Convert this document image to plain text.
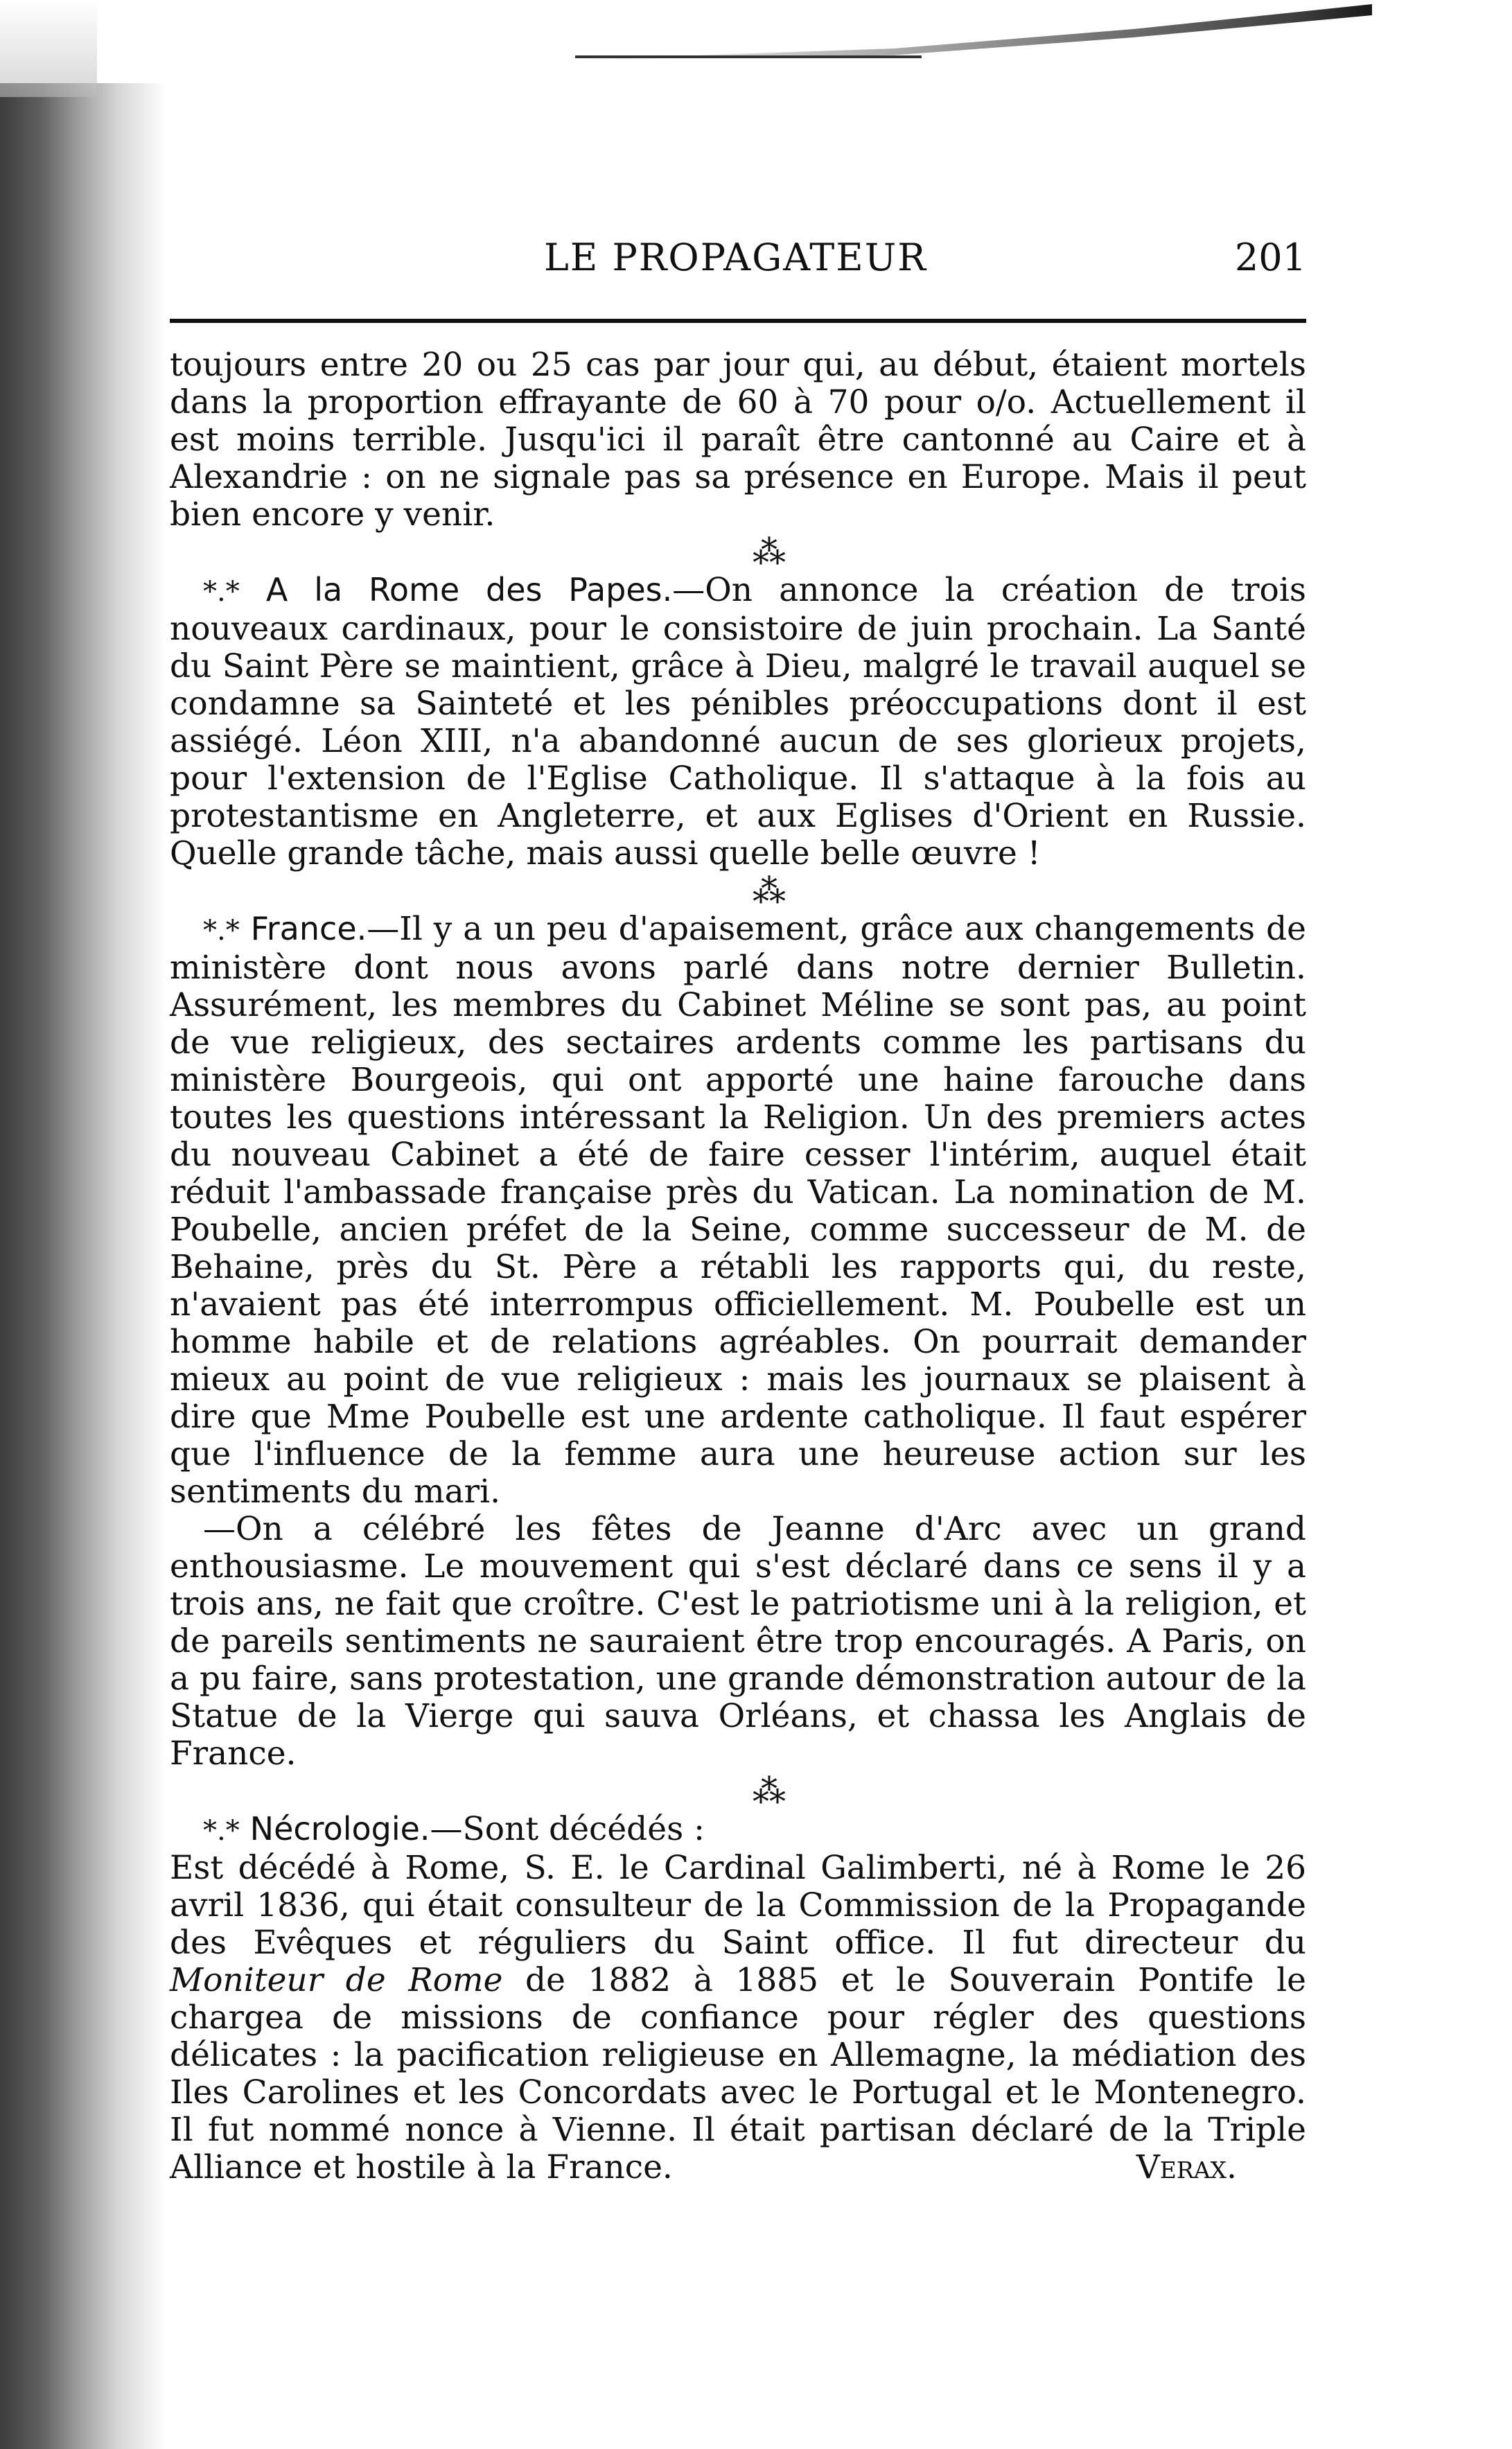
LE PROPAGATEUR	201

toujours entre 20 ou 25 cas par jour qui, au début, étaient mortels dans la proportion effrayante de 60 à 70 pour o/o. Actuellement il est moins terrible. Jusqu'ici il paraît être cantonné au Caire et à Alexandrie : on ne signale pas sa présence en Europe. Mais il peut bien encore y venir.

⁂

*.* A la Rome des Papes.—On annonce la création de trois nouveaux cardinaux, pour le consistoire de juin prochain. La Santé du Saint Père se maintient, grâce à Dieu, malgré le travail auquel se condamne sa Sainteté et les pénibles préoccupations dont il est assiégé. Léon XIII, n'a abandonné aucun de ses glorieux projets, pour l'extension de l'Eglise Catholique. Il s'attaque à la fois au protestantisme en Angleterre, et aux Eglises d'Orient en Russie. Quelle grande tâche, mais aussi quelle belle œuvre !

⁂

*.* France.—Il y a un peu d'apaisement, grâce aux changements de ministère dont nous avons parlé dans notre dernier Bulletin. Assurément, les membres du Cabinet Méline se sont pas, au point de vue religieux, des sectaires ardents comme les partisans du ministère Bourgeois, qui ont apporté une haine farouche dans toutes les questions intéressant la Religion. Un des premiers actes du nouveau Cabinet a été de faire cesser l'intérim, auquel était réduit l'ambassade française près du Vatican. La nomination de M. Poubelle, ancien préfet de la Seine, comme successeur de M. de Behaine, près du St. Père a rétabli les rapports qui, du reste, n'avaient pas été interrompus officiellement. M. Poubelle est un homme habile et de relations agréables. On pourrait demander mieux au point de vue religieux : mais les journaux se plaisent à dire que Mme Poubelle est une ardente catholique. Il faut espérer que l'influence de la femme aura une heureuse action sur les sentiments du mari.

—On a célébré les fêtes de Jeanne d'Arc avec un grand enthousiasme. Le mouvement qui s'est déclaré dans ce sens il y a trois ans, ne fait que croître. C'est le patriotisme uni à la religion, et de pareils sentiments ne sauraient être trop encouragés. A Paris, on a pu faire, sans protestation, une grande démonstration autour de la Statue de la Vierge qui sauva Orléans, et chassa les Anglais de France.

⁂

*.* Nécrologie.—Sont décédés :

Est décédé à Rome, S. E. le Cardinal Galimberti, né à Rome le 26 avril 1836, qui était consulteur de la Commission de la Propagande des Evêques et réguliers du Saint office. Il fut directeur du Moniteur de Rome de 1882 à 1885 et le Souverain Pontife le chargea de missions de confiance pour régler des questions délicates : la pacification religieuse en Allemagne, la médiation des Iles Carolines et les Concordats avec le Portugal et le Montenegro. Il fut nommé nonce à Vienne. Il était partisan déclaré de la Triple Alliance et hostile à la France.	Verax.
